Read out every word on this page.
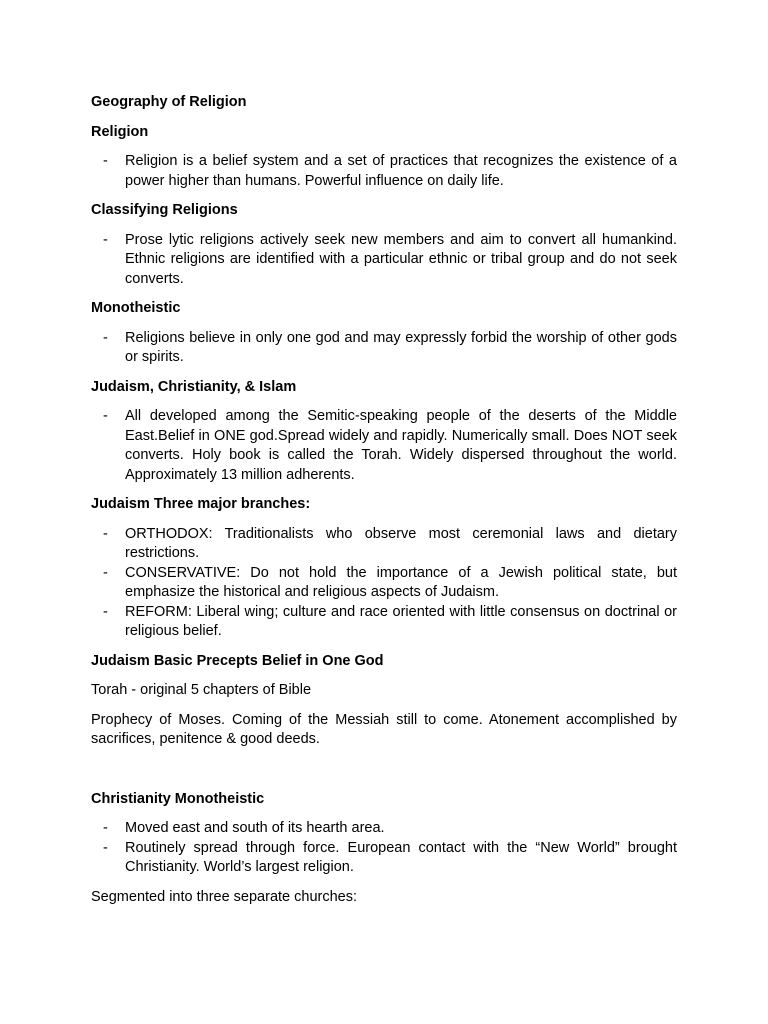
Geography of Religion
Religion
- Religion is a belief system and a set of practices that recognizes the existence of a power higher than humans. Powerful influence on daily life.
Classifying Religions
- Prose lytic religions actively seek new members and aim to convert all humankind. Ethnic religions are identified with a particular ethnic or tribal group and do not seek converts.
Monotheistic
- Religions believe in only one god and may expressly forbid the worship of other gods or spirits.
Judaism, Christianity, & Islam
- All developed among the Semitic-speaking people of the deserts of the Middle East.Belief in ONE god.Spread widely and rapidly. Numerically small. Does NOT seek converts. Holy book is called the Torah. Widely dispersed throughout the world. Approximately 13 million adherents.
Judaism Three major branches:
- ORTHODOX: Traditionalists who observe most ceremonial laws and dietary restrictions.
- CONSERVATIVE: Do not hold the importance of a Jewish political state, but emphasize the historical and religious aspects of Judaism.
- REFORM: Liberal wing; culture and race oriented with little consensus on doctrinal or religious belief.
Judaism Basic Precepts Belief in One God

Torah - original 5 chapters of Bible

Prophecy of Moses. Coming of the Messiah still to come. Atonement accomplished by sacrifices, penitence & good deeds.

Christianity Monotheistic
- Moved east and south of its hearth area.
- Routinely spread through force. European contact with the “New World” brought Christianity. World’s largest religion.

Segmented into three separate churches:
